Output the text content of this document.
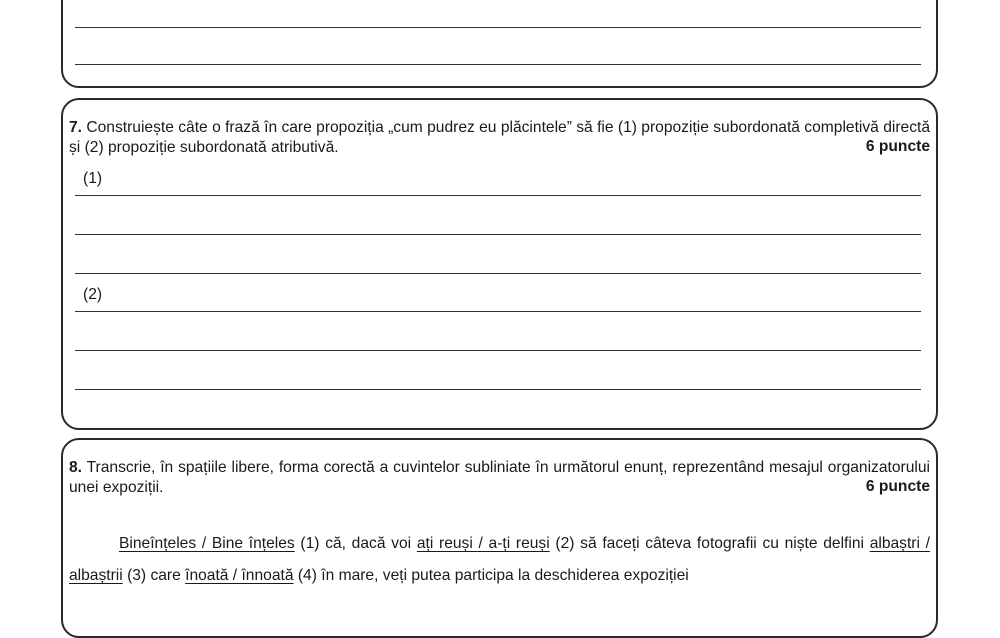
7. Construiește câte o frază în care propoziția „cum pudrez eu plăcintele” să fie (1) propoziție subordonată completivă directă și (2) propoziție subordonată atributivă.	6 puncte
(1)
(2)
8. Transcrie, în spațiile libere, forma corectă a cuvintelor subliniate în următorul enunț, reprezentând mesajul organizatorului unei expoziții.	6 puncte
Bineînțeles / Bine înțeles (1) că, dacă voi ați reuși / a-ți reuși (2) să faceți câteva fotografii cu niște delfini albaștri / albaștrii (3) care înoată / înnoată (4) în mare, veți putea participa la deschiderea expoziției
